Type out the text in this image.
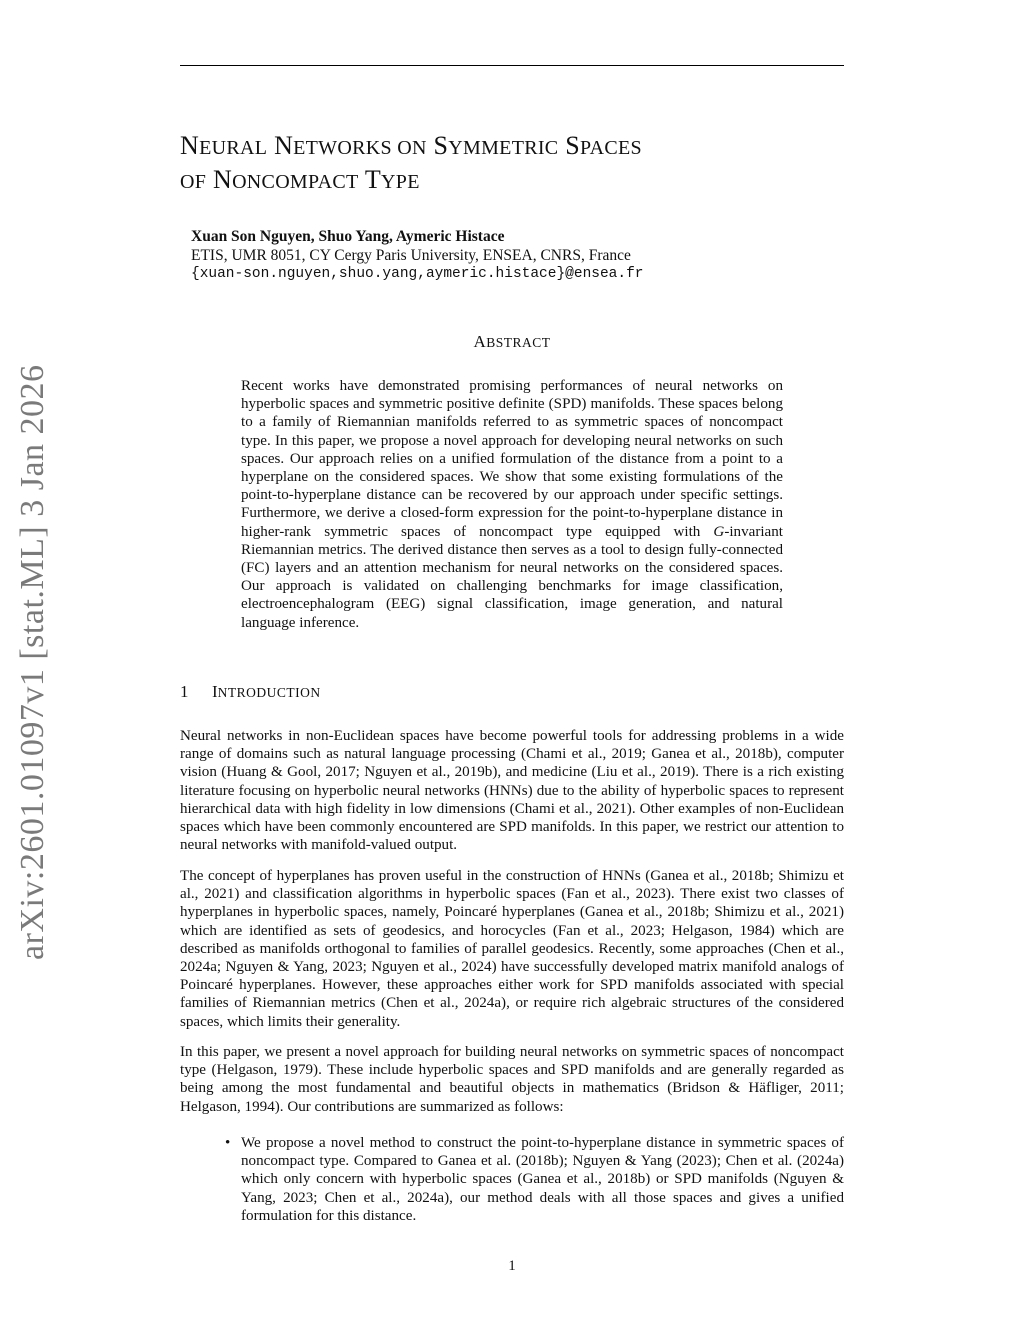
arXiv:2601.01097v1 [stat.ML] 3 Jan 2026
NEURAL NETWORKS ON SYMMETRIC SPACES
OF NONCOMPACT TYPE
Xuan Son Nguyen, Shuo Yang, Aymeric Histace
ETIS, UMR 8051, CY Cergy Paris University, ENSEA, CNRS, France
{xuan-son.nguyen,shuo.yang,aymeric.histace}@ensea.fr
ABSTRACT
Recent works have demonstrated promising performances of neural networks on hyperbolic spaces and symmetric positive definite (SPD) manifolds. These spaces belong to a family of Riemannian manifolds referred to as symmetric spaces of noncompact type. In this paper, we propose a novel approach for developing neural networks on such spaces. Our approach relies on a unified formulation of the distance from a point to a hyperplane on the considered spaces. We show that some existing formulations of the point-to-hyperplane distance can be recovered by our approach under specific settings. Furthermore, we derive a closed-form expression for the point-to-hyperplane distance in higher-rank symmetric spaces of noncompact type equipped with G-invariant Riemannian metrics. The derived distance then serves as a tool to design fully-connected (FC) layers and an attention mechanism for neural networks on the considered spaces. Our approach is validated on challenging benchmarks for image classification, electroencephalogram (EEG) signal classification, image generation, and natural language inference.
1 INTRODUCTION
Neural networks in non-Euclidean spaces have become powerful tools for addressing problems in a wide range of domains such as natural language processing (Chami et al., 2019; Ganea et al., 2018b), computer vision (Huang & Gool, 2017; Nguyen et al., 2019b), and medicine (Liu et al., 2019). There is a rich existing literature focusing on hyperbolic neural networks (HNNs) due to the ability of hyperbolic spaces to represent hierarchical data with high fidelity in low dimensions (Chami et al., 2021). Other examples of non-Euclidean spaces which have been commonly encountered are SPD manifolds. In this paper, we restrict our attention to neural networks with manifold-valued output.
The concept of hyperplanes has proven useful in the construction of HNNs (Ganea et al., 2018b; Shimizu et al., 2021) and classification algorithms in hyperbolic spaces (Fan et al., 2023). There exist two classes of hyperplanes in hyperbolic spaces, namely, Poincaré hyperplanes (Ganea et al., 2018b; Shimizu et al., 2021) which are identified as sets of geodesics, and horocycles (Fan et al., 2023; Helgason, 1984) which are described as manifolds orthogonal to families of parallel geodesics. Recently, some approaches (Chen et al., 2024a; Nguyen & Yang, 2023; Nguyen et al., 2024) have successfully developed matrix manifold analogs of Poincaré hyperplanes. However, these approaches either work for SPD manifolds associated with special families of Riemannian metrics (Chen et al., 2024a), or require rich algebraic structures of the considered spaces, which limits their generality.
In this paper, we present a novel approach for building neural networks on symmetric spaces of noncompact type (Helgason, 1979). These include hyperbolic spaces and SPD manifolds and are generally regarded as being among the most fundamental and beautiful objects in mathematics (Bridson & Häfliger, 2011; Helgason, 1994). Our contributions are summarized as follows:
• We propose a novel method to construct the point-to-hyperplane distance in symmetric spaces of noncompact type. Compared to Ganea et al. (2018b); Nguyen & Yang (2023); Chen et al. (2024a) which only concern with hyperbolic spaces (Ganea et al., 2018b) or SPD manifolds (Nguyen & Yang, 2023; Chen et al., 2024a), our method deals with all those spaces and gives a unified formulation for this distance.
1
